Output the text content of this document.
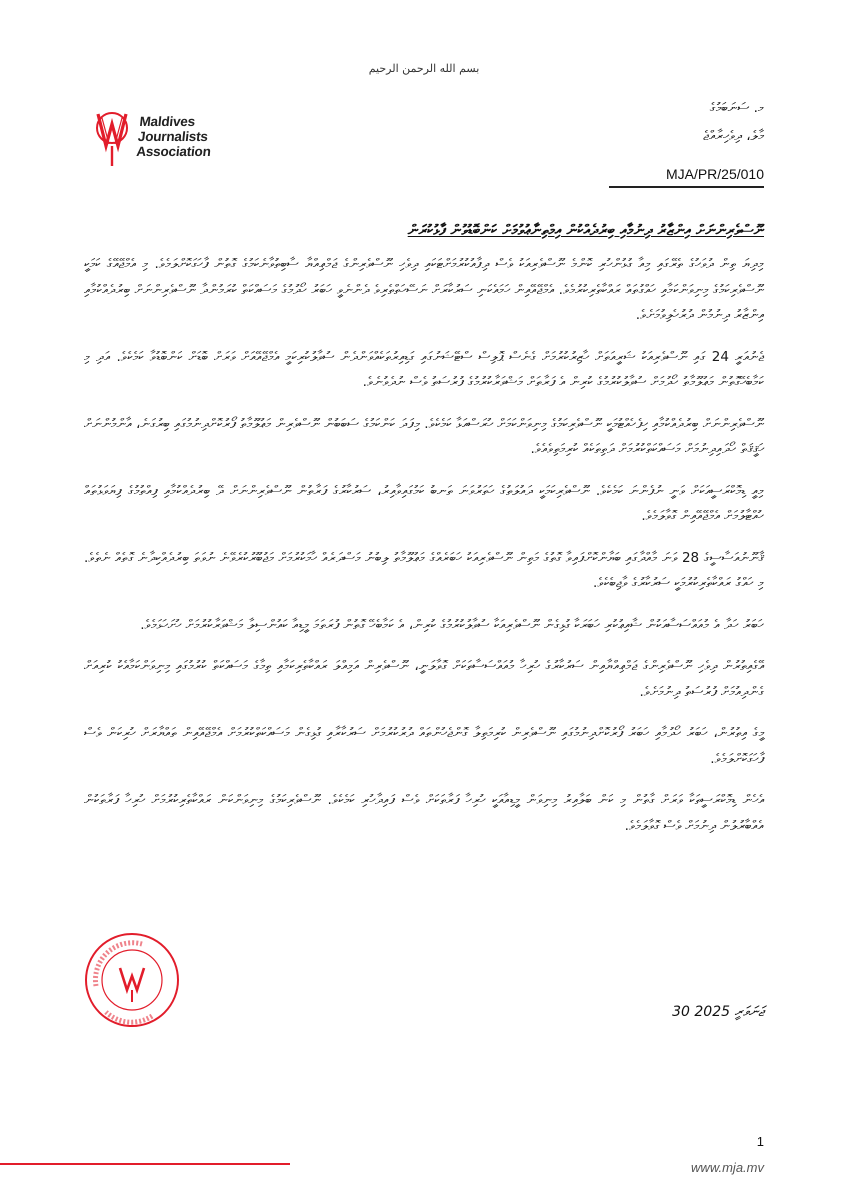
بسم الله الرحمن الرحيم
Maldives
Journalists
Association
މ. ސަނަބަމުގެ
މާލެ، ދިވެހިރާއްޖެ
MJA/PR/25/010
ނޫސްވެރިންނަށް އިންޒާރު ދިނުމާއި ބިރުދެއްކުން އިމްތިނާޢުވުމަށް ކަންބޮޑުވުން ފާޅުކުރަން

މިދިޔަ ތިން ދުވަހުގެ ތެރޭގައި މިއާ ގުޅުންހުރި ކޮންމެ ނޫސްވެރިއަކު ވެސް ދިފާއުކުރުމަށްޓަކައި ދިވެހި ނޫސްވެރިންގެ ޖަމްޢިއްޔާ ސާބިތުވާނެކަމުގެ ގޮތުން ފާހަގަކޮށްލަމެވެ. މި އެމްޖޭއޭގެ ކަމަކީ ނޫސްވެރިކަމުގެ މިނިވަންކަމާއި ހައްގުތައް ރައްކާތެރިކުރުމެވެ. އެމްޖޭއޭއިން ހަމައެކަނި ސަރުކާރަށް ނަސޭހަތްތެރިވެ ދެންނެވީ ހަބަރު ހޯދުމުގެ މަސައްކަތް ކުރަމުންދާ ނޫސްވެރިންނަށް ބިރުދެއްކުމާއި އިންޒާރު ދިނުމުން ދުރުހެލިވުމަށެވެ.

ޖެނުއަރީ 24 ގައި ނޫސްވެރިއަކު ޝަރީއަތަށް ހާޒިރުކުރުމަށް ގެނެސް ޕޮލިސް ސްޓޭޝަނުގައި ގަޑިއިރުތަކެއްވަންދެން ސުވާލުކުރިކަމީ އެމްޖޭއޭއަށް ވަރަށް ބޮޑަށް ކަންބޮޑުވާ ކަމެކެވެ. އަދި މި ކަމާބެހޭގޮތުން މަޢުލޫމާތު ހޯދުމަށް ސުވާލުކުރުމުގެ ކުރިން އެ ފަރާތަށް މަޝްވަރާކުރުމުގެ ފުރުސަތު ވެސް ނުދެވުނެވެ.

ނޫސްވެރިންނަށް ބިރުދެއްކުމާއި ހިފެހެއްޓުމަކީ ނޫސްވެރިކަމުގެ މިނިވަންކަމަށް ހުރަސްއަޅާ ކަމެކެވެ. މިފަދަ ކަންކަމުގެ ސަބަބުން ނޫސްވެރިން މަޢުލޫމާތު ފޯރުކޮށްދިނުމުގައި ބިރުގަނެ، އާންމުންނަށް ހަޤީޤަތް ހޯދައިދިނުމަށް މަސައްކަތްކުރުމަށް ދަތިތަކެއް ކުރިމަތިވެއެވެ.

މިއީ ޑިމޮކްރަސީއަކަށް ވަނީ ނުފެންނަ ކަމެކެވެ. ނޫސްވެރިކަމަކީ ދައުލަތުގެ ހަތަރުވަނަ ތަނބު ކަމުގައިވާއިރު، ސަރުކާރުގެ ފަރާތުން ނޫސްވެރިންނަށް ދޭ ބިރުދެއްކުމާއި ފިއްތުމުގެ ފިޔަވަޅުތައް ހުއްޓާލުމަށް އެމްޖޭއޭއިން ގޮވާލަމެވެ.

ޤާނޫނުއަސާސީގެ 28 ވަނަ މާއްދާގައި ބަޔާންކޮށްފައިވާ ގޮތުގެ މަތިން ނޫސްވެރިއަކު ހަބަރެއްގެ މަޢުލޫމާތު ލިބުނު މަސްދަރެއް ހާމަކުރުމަށް މަޖުބޫރުކުރެވޭނެ ނުވަތަ ބިރުދެއްކިދާނެ ގޮތެއް ނެތެވެ. މި ހައްގު ރައްކާތެރިކުރުމަކީ ސަރުކާރުގެ ވާޖިބެކެވެ.

ހަބަރު ހަދާ އެ މުއައްސަސާއަކުން ޝާއިޢުކުރި ހަބަރަކާ ގުޅިގެން ނޫސްވެރިއަކާ ސުވާލުކުރުމުގެ ކުރިން، އެ ކަމާބެހޭ ގޮތުން ފުރަތަމަ މީޑިއާ ކައުންސިލާ މަޝްވަރާކުރުމަށް ހުށަހަޅަމެވެ.

އޭގެއިތުރުން ދިވެހި ނޫސްވެރިންގެ ޖަމްޢިއްޔާއިން ސަރުކާރުގެ ހުރިހާ މުއައްސަސާތަކަށް ގޮވާލަނީ، ނޫސްވެރިން އަމިއްލަ ރައްކާތެރިކަމާއި ތިމާގެ މަސައްކަތް ކުރުމުގައި މިނިވަންކަމާއެކު ކުރިއަށް ގެންދިއުމަށް ފުރުސަތު ދިނުމަށެވެ.

މީގެ އިތުރުން، ހަބަރު ހޯދުމާއި ހަބަރު ފޯރުކޮށްދިނުމުގައި ނޫސްވެރިން ކުރިމަތިލާ ގޮންޖެހުންތައް ދުރުކުރުމަށް ސަރުކާރާއި ގުޅިގެން މަސައްކަތްކުރުމަށް އެމްޖޭއޭއިން ތައްޔާރަށް ހުރިކަން ވެސް ފާހަގަކޮށްލަމެވެ.

އެހެން ޑިމޮކްރަސީތަކާ ވަރަށް ގާތުން މި ކަން ބަލާއިރު މިނިވަން މީޑިއާއަކީ ހުރިހާ ފަރާތަކަށް ވެސް ފައިދާހުރި ކަމެކެވެ. ނޫސްވެރިކަމުގެ މިނިވަންކަން ރައްކާތެރިކުރުމަށް ހުރިހާ ފަރާތަކުން އެއްބާރުލުން ދިނުމަށް ވެސް ގޮވާލަމެވެ.

30 ޖަނަވަރީ 2025
1
www.mja.mv
